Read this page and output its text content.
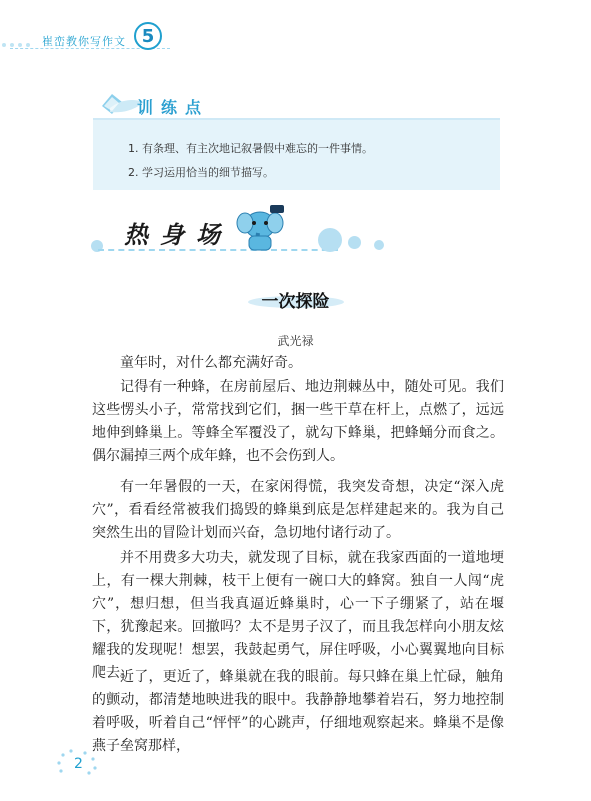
崔峦教你写作文 5
训练点
1. 有条理、有主次地记叙暑假中难忘的一件事情。
2. 学习运用恰当的细节描写。
热身场
一次探险
武光禄
童年时，对什么都充满好奇。
记得有一种蜂，在房前屋后、地边荆棘丛中，随处可见。我们这些愣头小子，常常找到它们，捆一些干草在杆上，点燃了，远远地伸到蜂巢上。等蜂全军覆没了，就勾下蜂巢，把蜂蛹分而食之。偶尔漏掉三两个成年蜂，也不会伤到人。
有一年暑假的一天，在家闲得慌，我突发奇想，决定“深入虎穴”，看看经常被我们捣毁的蜂巢到底是怎样建起来的。我为自己突然生出的冒险计划而兴奋，急切地付诸行动了。
并不用费多大功夫，就发现了目标，就在我家西面的一道地埂上，有一棵大荆棘，枝干上便有一碗口大的蜂窝。独自一人闯“虎穴”，想归想，但当我真逼近蜂巢时，心一下子绷紧了，站在堰下，犹豫起来。回撤吗？太不是男子汉了，而且我怎样向小朋友炫耀我的发现呢！想罢，我鼓起勇气，屏住呼吸，小心翼翼地向目标爬去。
近了，更近了，蜂巢就在我的眼前。每只蜂在巢上忙碌，触角的颤动，都清楚地映进我的眼中。我静静地攀着岩石，努力地控制着呼吸，听着自己“怦怦”的心跳声，仔细地观察起来。蜂巢不是像燕子垒窝那样，
2
